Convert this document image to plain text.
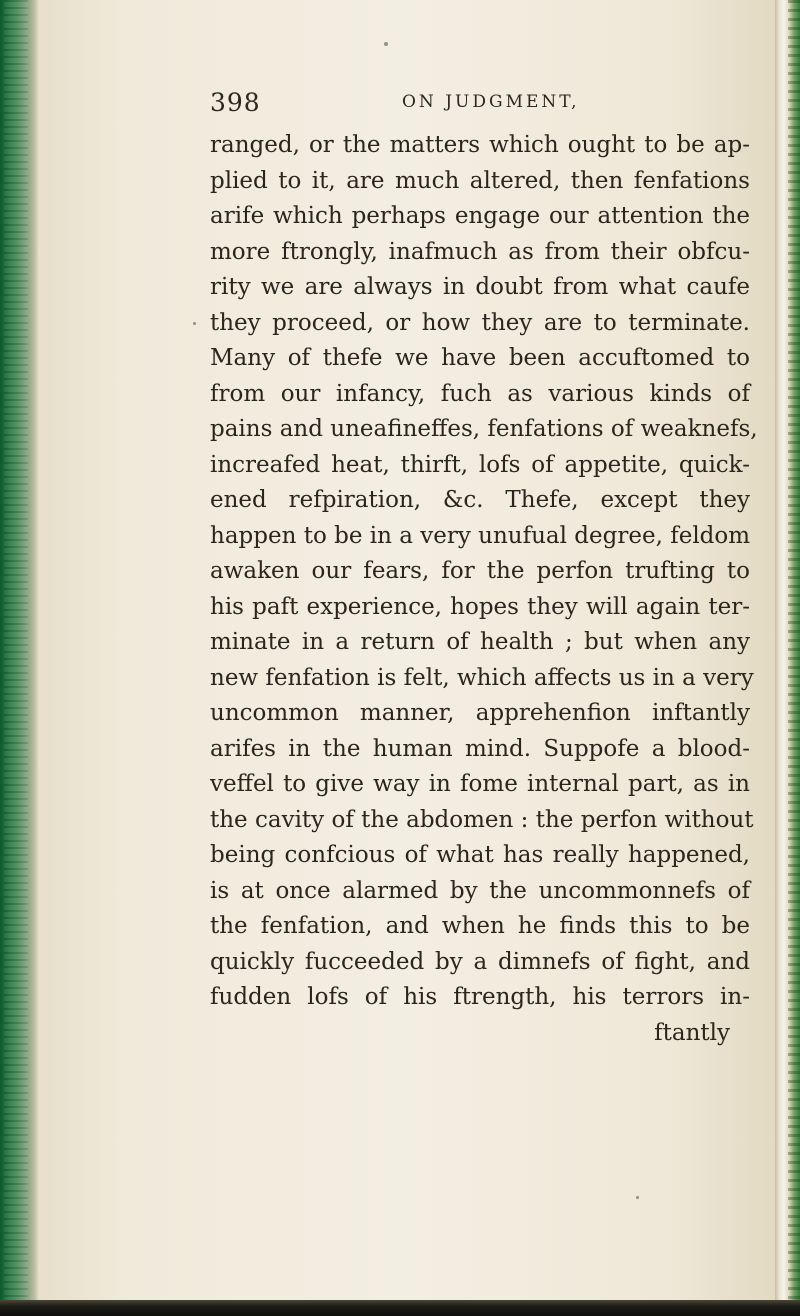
398	ON JUDGMENT,
ranged, or the matters which ought to be ap-
plied to it, are much altered, then fenfations
arife which perhaps engage our attention the
more ftrongly, inafmuch as from their obfcu-
rity we are always in doubt from what caufe
they proceed, or how they are to terminate.
Many of thefe we have been accuftomed to
from our infancy, fuch as various kinds of
pains and uneafineffes, fenfations of weaknefs,
increafed heat, thirft, lofs of appetite, quick-
ened refpiration, &c. Thefe, except they
happen to be in a very unufual degree, feldom
awaken our fears, for the perfon trufting to
his paft experience, hopes they will again ter-
minate in a return of health ; but when any
new fenfation is felt, which affects us in a very
uncommon manner, apprehenfion inftantly
arifes in the human mind. Suppofe a blood-
veffel to give way in fome internal part, as in
the cavity of the abdomen : the perfon without
being confcious of what has really happened,
is at once alarmed by the uncommonnefs of
the fenfation, and when he finds this to be
quickly fucceeded by a dimnefs of fight, and
fudden lofs of his ftrength, his terrors in-
ftantly
